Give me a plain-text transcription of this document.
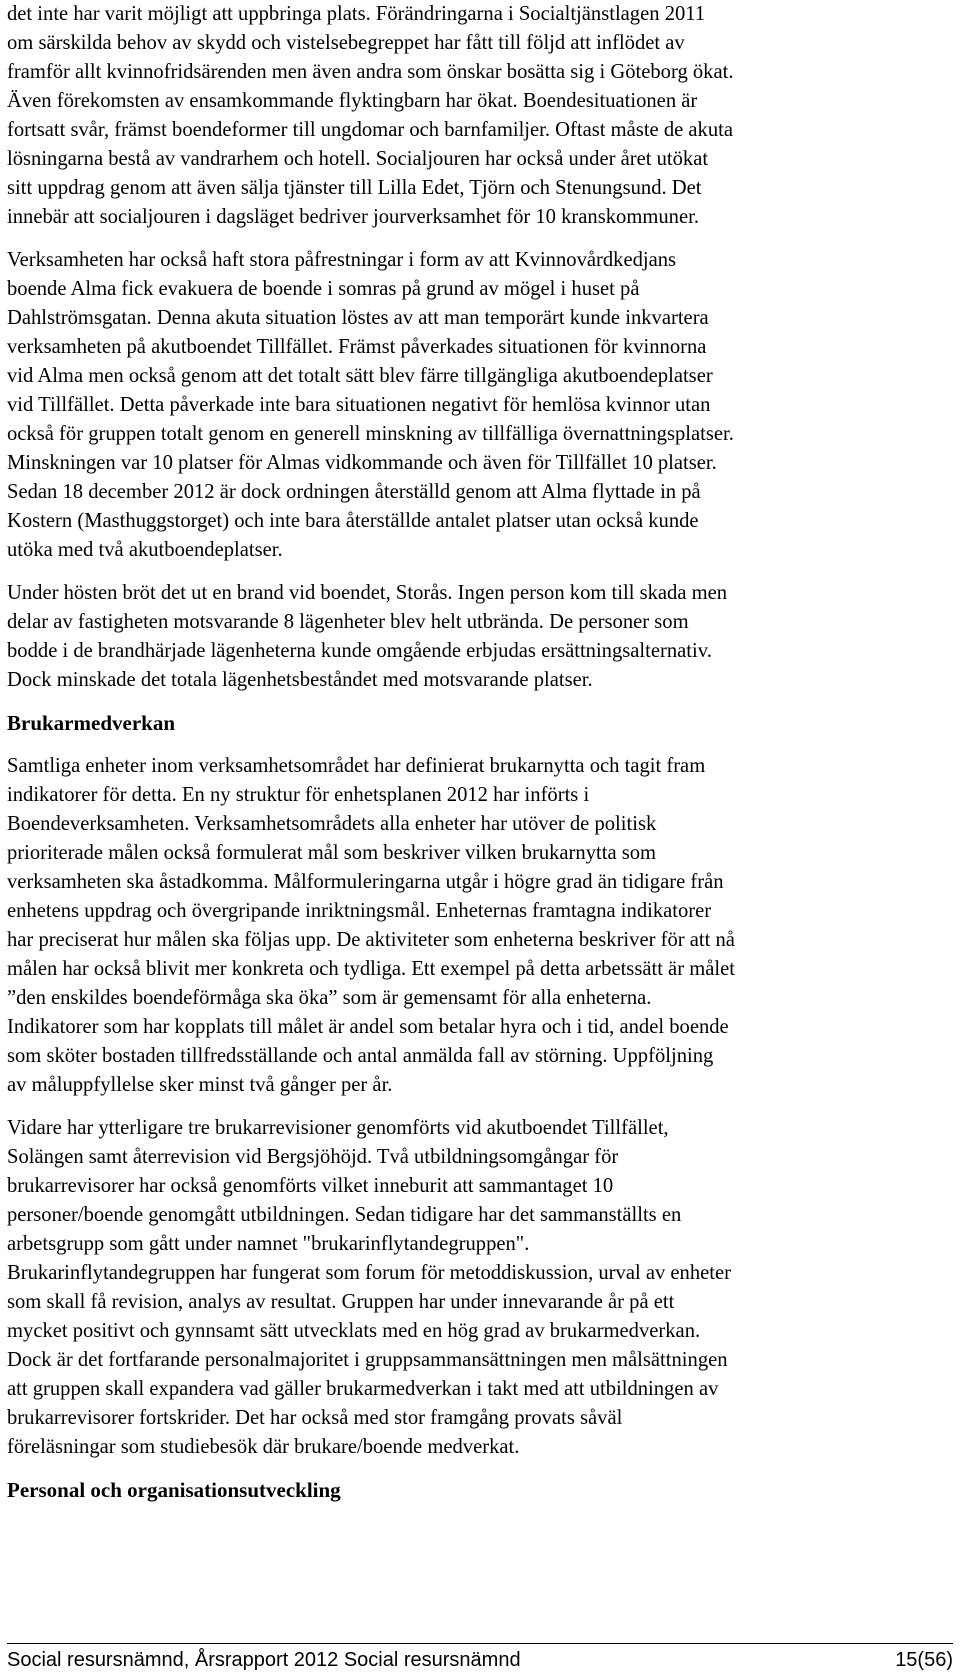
det inte har varit möjligt att uppbringa plats. Förändringarna i Socialtjänstlagen 2011
om särskilda behov av skydd och vistelsebegreppet har fått till följd att inflödet av
framför allt kvinnofridsärenden men även andra som önskar bosätta sig i Göteborg ökat.
Även förekomsten av ensamkommande flyktingbarn har ökat. Boendesituationen är
fortsatt svår, främst boendeformer till ungdomar och barnfamiljer. Oftast måste de akuta
lösningarna bestå av vandrarhem och hotell. Socialjouren har också under året utökat
sitt uppdrag genom att även sälja tjänster till Lilla Edet, Tjörn och Stenungsund. Det
innebär att socialjouren i dagsläget bedriver jourverksamhet för 10 kranskommuner.

Verksamheten har också haft stora påfrestningar i form av att Kvinnovårdkedjans
boende Alma fick evakuera de boende i somras på grund av mögel i huset på
Dahlströmsgatan. Denna akuta situation löstes av att man temporärt kunde inkvartera
verksamheten på akutboendet Tillfället. Främst påverkades situationen för kvinnorna
vid Alma men också genom att det totalt sätt blev färre tillgängliga akutboendeplatser
vid Tillfället. Detta påverkade inte bara situationen negativt för hemlösa kvinnor utan
också för gruppen totalt genom en generell minskning av tillfälliga övernattningsplatser.
Minskningen var 10 platser för Almas vidkommande och även för Tillfället 10 platser.
Sedan 18 december 2012 är dock ordningen återställd genom att Alma flyttade in på
Kostern (Masthuggstorget) och inte bara återställde antalet platser utan också kunde
utöka med två akutboendeplatser.

Under hösten bröt det ut en brand vid boendet, Storås. Ingen person kom till skada men
delar av fastigheten motsvarande 8 lägenheter blev helt utbrända. De personer som
bodde i de brandhärjade lägenheterna kunde omgående erbjudas ersättningsalternativ.
Dock minskade det totala lägenhetsbeståndet med motsvarande platser.

Brukarmedverkan

Samtliga enheter inom verksamhetsområdet har definierat brukarnytta och tagit fram
indikatorer för detta. En ny struktur för enhetsplanen 2012 har införts i
Boendeverksamheten. Verksamhetsområdets alla enheter har utöver de politisk
prioriterade målen också formulerat mål som beskriver vilken brukarnytta som
verksamheten ska åstadkomma. Målformuleringarna utgår i högre grad än tidigare från
enhetens uppdrag och övergripande inriktningsmål. Enheternas framtagna indikatorer
har preciserat hur målen ska följas upp. De aktiviteter som enheterna beskriver för att nå
målen har också blivit mer konkreta och tydliga. Ett exempel på detta arbetssätt är målet
”den enskildes boendeförmåga ska öka” som är gemensamt för alla enheterna.
Indikatorer som har kopplats till målet är andel som betalar hyra och i tid, andel boende
som sköter bostaden tillfredsställande och antal anmälda fall av störning. Uppföljning
av måluppfyllelse sker minst två gånger per år.

Vidare har ytterligare tre brukarrevisioner genomförts vid akutboendet Tillfället,
Solängen samt återrevision vid Bergsjöhöjd. Två utbildningsomgångar för
brukarrevisorer har också genomförts vilket inneburit att sammantaget 10
personer/boende genomgått utbildningen. Sedan tidigare har det sammanställts en
arbetsgrupp som gått under namnet "brukarinflytandegruppen".
Brukarinflytandegruppen har fungerat som forum för metoddiskussion, urval av enheter
som skall få revision, analys av resultat. Gruppen har under innevarande år på ett
mycket positivt och gynnsamt sätt utvecklats med en hög grad av brukarmedverkan.
Dock är det fortfarande personalmajoritet i gruppsammansättningen men målsättningen
att gruppen skall expandera vad gäller brukarmedverkan i takt med att utbildningen av
brukarrevisorer fortskrider. Det har också med stor framgång provats såväl
föreläsningar som studiebesök där brukare/boende medverkat.

Personal och organisationsutveckling
Social resursnämnd, Årsrapport 2012 Social resursnämnd	15(56)
